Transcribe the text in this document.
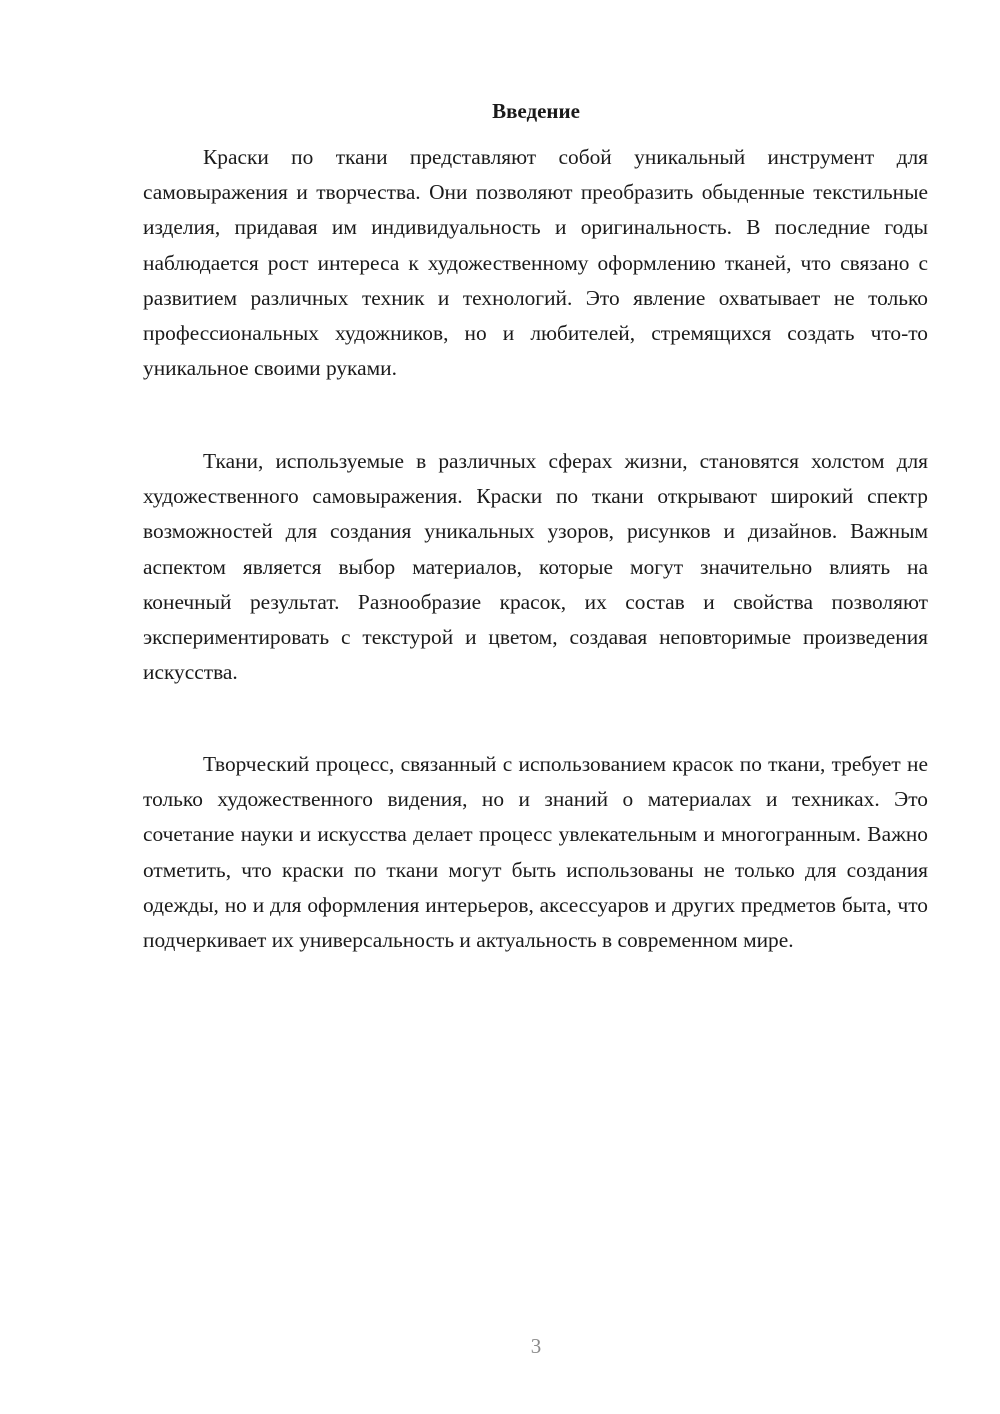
Введение

Краски по ткани представляют собой уникальный инструмент для самовыражения и творчества. Они позволяют преобразить обыденные текстильные изделия, придавая им индивидуальность и оригинальность. В последние годы наблюдается рост интереса к художественному оформлению тканей, что связано с развитием различных техник и технологий. Это явление охватывает не только профессиональных художников, но и любителей, стремящихся создать что-то уникальное своими руками.

Ткани, используемые в различных сферах жизни, становятся холстом для художественного самовыражения. Краски по ткани открывают широкий спектр возможностей для создания уникальных узоров, рисунков и дизайнов. Важным аспектом является выбор материалов, которые могут значительно влиять на конечный результат. Разнообразие красок, их состав и свойства позволяют экспериментировать с текстурой и цветом, создавая неповторимые произведения искусства.

Творческий процесс, связанный с использованием красок по ткани, требует не только художественного видения, но и знаний о материалах и техниках. Это сочетание науки и искусства делает процесс увлекательным и многогранным. Важно отметить, что краски по ткани могут быть использованы не только для создания одежды, но и для оформления интерьеров, аксессуаров и других предметов быта, что подчеркивает их универсальность и актуальность в современном мире.

3
